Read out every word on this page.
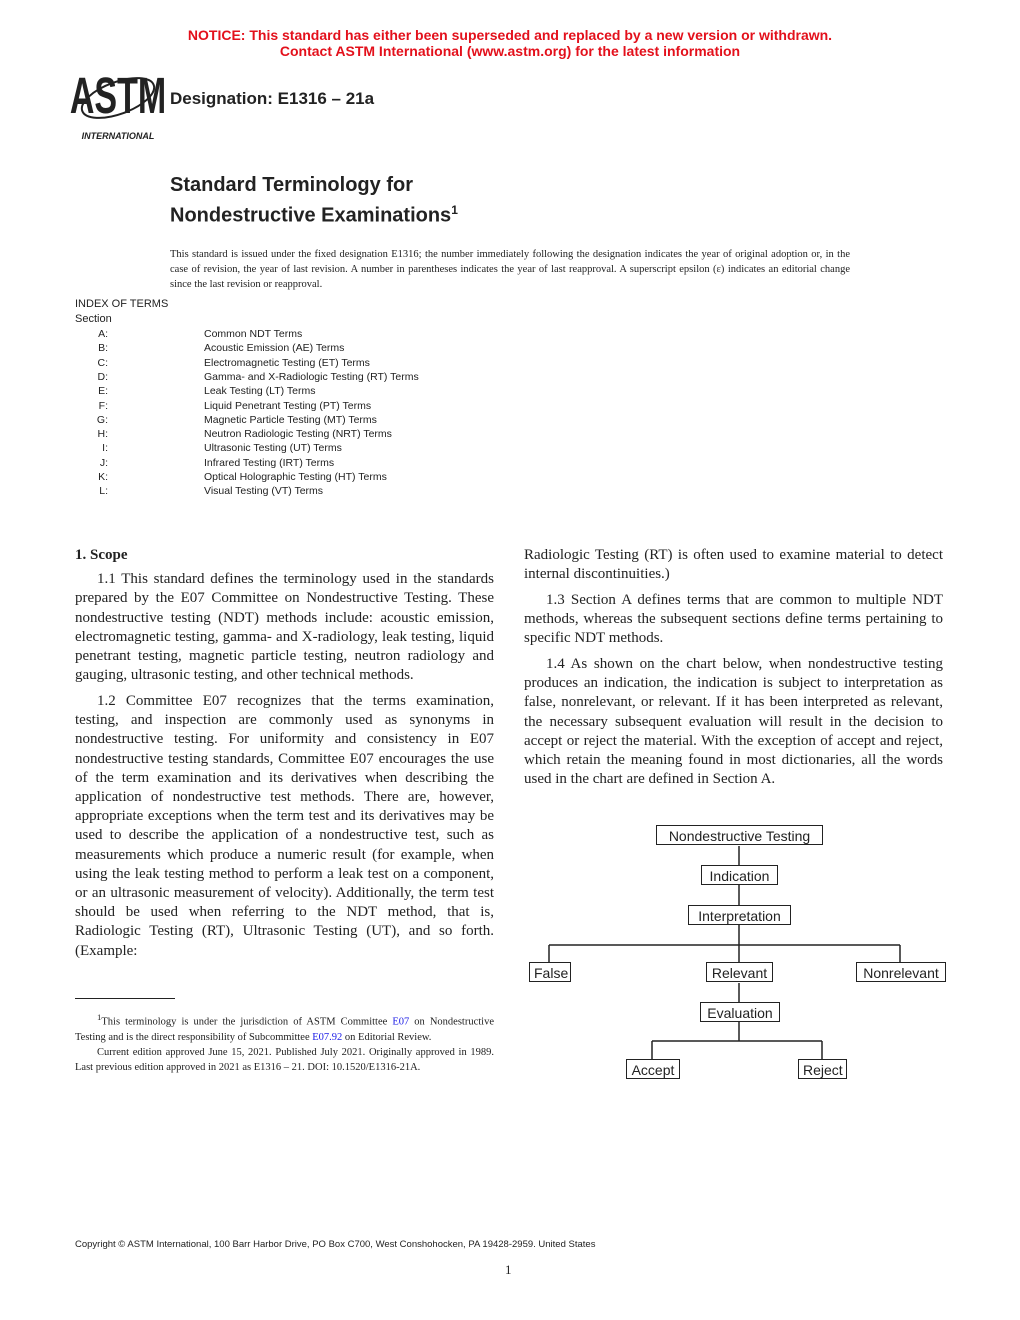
NOTICE: This standard has either been superseded and replaced by a new version or withdrawn.
Contact ASTM International (www.astm.org) for the latest information
ASTM
INTERNATIONAL
Designation: E1316 – 21a
Standard Terminology for
Nondestructive Examinations$^1$
This standard is issued under the fixed designation E1316; the number immediately following the designation indicates the year of original adoption or, in the case of revision, the year of last revision. A number in parentheses indicates the year of last reapproval. A superscript epsilon (ε) indicates an editorial change since the last revision or reapproval.
INDEX OF TERMS
Section
A:	Common NDT Terms
B:	Acoustic Emission (AE) Terms
C:	Electromagnetic Testing (ET) Terms
D:	Gamma- and X-Radiologic Testing (RT) Terms
E:	Leak Testing (LT) Terms
F:	Liquid Penetrant Testing (PT) Terms
G:	Magnetic Particle Testing (MT) Terms
H:	Neutron Radiologic Testing (NRT) Terms
I:	Ultrasonic Testing (UT) Terms
J:	Infrared Testing (IRT) Terms
K:	Optical Holographic Testing (HT) Terms
L:	Visual Testing (VT) Terms
1. Scope

1.1 This standard defines the terminology used in the standards prepared by the E07 Committee on Nondestructive Testing. These nondestructive testing (NDT) methods include: acoustic emission, electromagnetic testing, gamma- and X-radiology, leak testing, liquid penetrant testing, magnetic particle testing, neutron radiology and gauging, ultrasonic testing, and other technical methods.

1.2 Committee E07 recognizes that the terms examination, testing, and inspection are commonly used as synonyms in nondestructive testing. For uniformity and consistency in E07 nondestructive testing standards, Committee E07 encourages the use of the term examination and its derivatives when describing the application of nondestructive test methods. There are, however, appropriate exceptions when the term test and its derivatives may be used to describe the application of a nondestructive test, such as measurements which produce a numeric result (for example, when using the leak testing method to perform a leak test on a component, or an ultrasonic measurement of velocity). Additionally, the term test should be used when referring to the NDT method, that is, Radiologic Testing (RT), Ultrasonic Testing (UT), and so forth. (Example:

Radiologic Testing (RT) is often used to examine material to detect internal discontinuities.)

1.3 Section A defines terms that are common to multiple NDT methods, whereas the subsequent sections define terms pertaining to specific NDT methods.

1.4 As shown on the chart below, when nondestructive testing produces an indication, the indication is subject to interpretation as false, nonrelevant, or relevant. If it has been interpreted as relevant, the necessary subsequent evaluation will result in the decision to accept or reject the material. With the exception of accept and reject, which retain the meaning found in most dictionaries, all the words used in the chart are defined in Section A.

Nondestructive Testing
Indication
Interpretation
False	Relevant	Nonrelevant
Evaluation
Accept	Reject

$^1$This terminology is under the jurisdiction of ASTM Committee E07 on Nondestructive Testing and is the direct responsibility of Subcommittee E07.92 on Editorial Review.

Current edition approved June 15, 2021. Published July 2021. Originally approved in 1989. Last previous edition approved in 2021 as E1316 – 21. DOI: 10.1520/E1316-21A.

Copyright © ASTM International, 100 Barr Harbor Drive, PO Box C700, West Conshohocken, PA 19428-2959. United States
1
